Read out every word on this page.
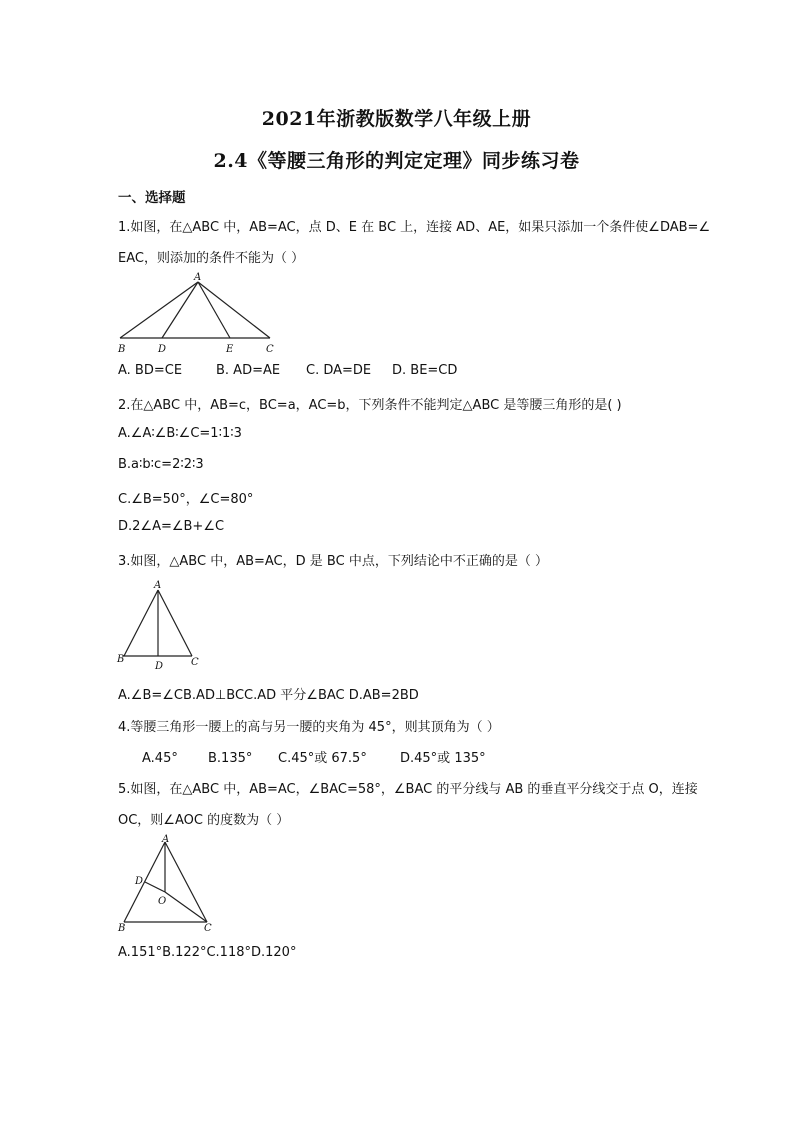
2021年浙教版数学八年级上册
2.4《等腰三角形的判定定理》同步练习卷
一、选择题
1.如图，在△ABC 中，AB=AC，点 D、E 在 BC 上，连接 AD、AE，如果只添加一个条件使∠DAB=∠
EAC，则添加的条件不能为（ ）
A
B	D	E	C
A. BD=CE	B. AD=AE C. DA=DE D. BE=CD
2.在△ABC 中，AB=c，BC=a，AC=b，下列条件不能判定△ABC 是等腰三角形的是( )
A.∠A∶∠B∶∠C=1∶1∶3
B.a∶b∶c=2∶2∶3
C.∠B=50°，∠C=80°
D.2∠A=∠B+∠C
3.如图，△ABC 中，AB=AC，D 是 BC 中点，下列结论中不正确的是（ ）
A
B
D	C
A.∠B=∠CB.AD⊥BCC.AD 平分∠BAC D.AB=2BD
4.等腰三角形一腰上的高与另一腰的夹角为 45°，则其顶角为（ ）
A.45° B.135° C.45°或 67.5°	D.45°或 135°
5.如图，在△ABC 中，AB=AC，∠BAC=58°，∠BAC 的平分线与 AB 的垂直平分线交于点 O，连接
OC，则∠AOC 的度数为（ ）
A
D
O
B	C
A.151°B.122°C.118°D.120°
